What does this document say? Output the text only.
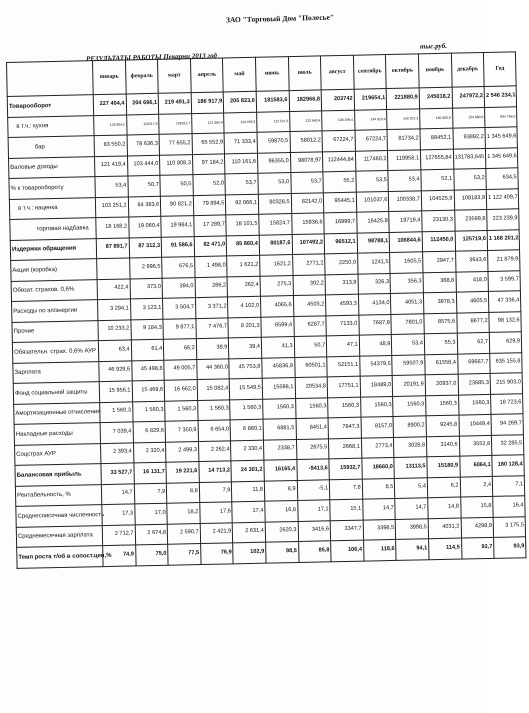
ЗАО "Торговый Дом "Полесье"
РЕЗУЛЬТАТЫ РАБОТЫ Пекарни 2013 год
тыс.руб.
	январь	февраль	март	апрель	май	июнь	июль	август	сентябрь	октябрь	ноябрь	декабрь	Год
Товарооборот	227 404,4	204 696,1	219 491,3	186 917,9	205 823,6	181583,6	182966,8	203742	219654,1	221880,9	245018,2	247972,2	2 546 234,1
в т.ч.: кухня	143 854,2	125217,5	141812,7	121 364,4	134 490,3	121724,3	123 660,4	136 299,4	144 924,4	149 207,3	160 065,6	154 080,0	894 766,0
бар	83 550,2	78 636,3	77 655,2	65 552,9	71 333,4	59870,5	58012,2	67224,7	67224,7	81734,2	88452,1	93892,2	1 345 649,6
Валовые доходы	121 419,4	103 444,0	110 808,3	97 184,2	110 161,6	96355,0	98078,97	112444,84	117460,2	119958,1	127655,84	131783,645	1 345 649,6
% к товарообороту	53,4	50,7	50,5	52,0	53,7	53,0	53,7	55,2	53,5	53,4	52,1	53,2	634,5
в т.ч.: наценка	103 251,2	84 383,6	90 821,2	79 894,5	92 066,1	80328,5	82142,0	95445,1	101037,6	100338,7	104525,9	108183,9	1 122 409,7
торговая надбавка	18 168,2	19 060,4	19 984,1	17 289,7	18 101,5	15824,7	15936,6	16999,7	16425,9	19719,4	23130,3	23599,8	223 239,9
Издержки обращения	87 891,7	87 312,3	91 586,6	82 471,0	85 860,4	80187,6	107492,2	96512,1	98788,1	106844,6	112450,0	125719,6	1 168 201,2
Акция (коробка)		2 996,5	676,5	1 498,0	1 621,2	1621,2	2771,2	2250,0	1241,5	1605,5	2947,7	3643,6	21 879,9
Обязат. страхов. 0,6%	422,4	373,0	394,0	286,2	262,4	275,3	302,2	313,9	326,3	356,3	368,8	418,0	3 599,7
Расходы по эл/энергии	3 294,1	3 123,1	3 504,7	3 371,2	4 102,0	4065,6	4503,2	4593,3	4134,0	4051,3	3978,3	4605,5	47 336,4
Прочие	10 233,2	9 184,3	9 877,1	7 476,7	8 201,3	6599,4	6287,7	7133,0	7687,9	7801,0	8575,6	8677,2	98 132,6
Обязательн. страх. 0,6% АУР	63,4	61,4	66,2	39,9	39,4	41,3	50,7	47,1	48,9	53,4	55,3	62,7	629,9
Зарплата	46 929,6	45 498,8	49 005,7	44 360,0	45 753,8	45836,9	60501,1	52151,1	54379,5	59507,9	61558,4	69667,7	635 155,8
Фонд социальной защиты	15 956,1	15 469,6	16 662,0	15 082,4	15 549,5	15598,1	20534,8	17751,1	18489,0	20191,9	20937,0	23685,3	215 903,0
Амортизационные отчисления	1 560,3	1 560,3	1 560,3	1 560,3	1 560,3	1560,3	1560,3	1560,3	1560,3	1560,3	1560,3	1560,3	18 723,6
Накладные расходы	7 039,4	6 829,6	7 350,9	6 654,0	6 860,1	6881,5	8451,4	7847,3	8157,0	8900,2	9245,8	10449,4	94 269,7
Соцстрах АУР	2 393,4	2 320,4	2 499,3	2 262,4	2 330,4	2338,7	2675,5	2668,1	2773,4	3028,8	3140,6	3552,8	32 285,5
Балансовая прибыль	33 527,7	16 131,7	19 221,6	14 713,2	24 301,2	16165,4	-9413,6	15932,7	18660,0	13113,5	15180,9	6064,1	180 128,4
Рентабельность, %	14,7	7,9	8,8	7,9	11,8	8,9	-5,1	7,8	8,5	5,4	6,2	2,4	7,1
Среднесписочная численность	17,3	17,0	18,2	17,6	17,4	16,8	17,1	15,1	14,7	14,7	14,8	15,8	16,4
Среднемесячная зарплата	2 712,7	2 674,8	2 590,7	2 421,9	2 631,4	2620,3	3416,6	3347,7	3398,5	3998,5	4031,2	4298,9	3 175,5
Темп роста т/об в сопост.цен,%	74,9	75,0	77,5	76,9	102,9	98,5	85,8	106,4	118,6	94,1	114,5	92,7	93,9
